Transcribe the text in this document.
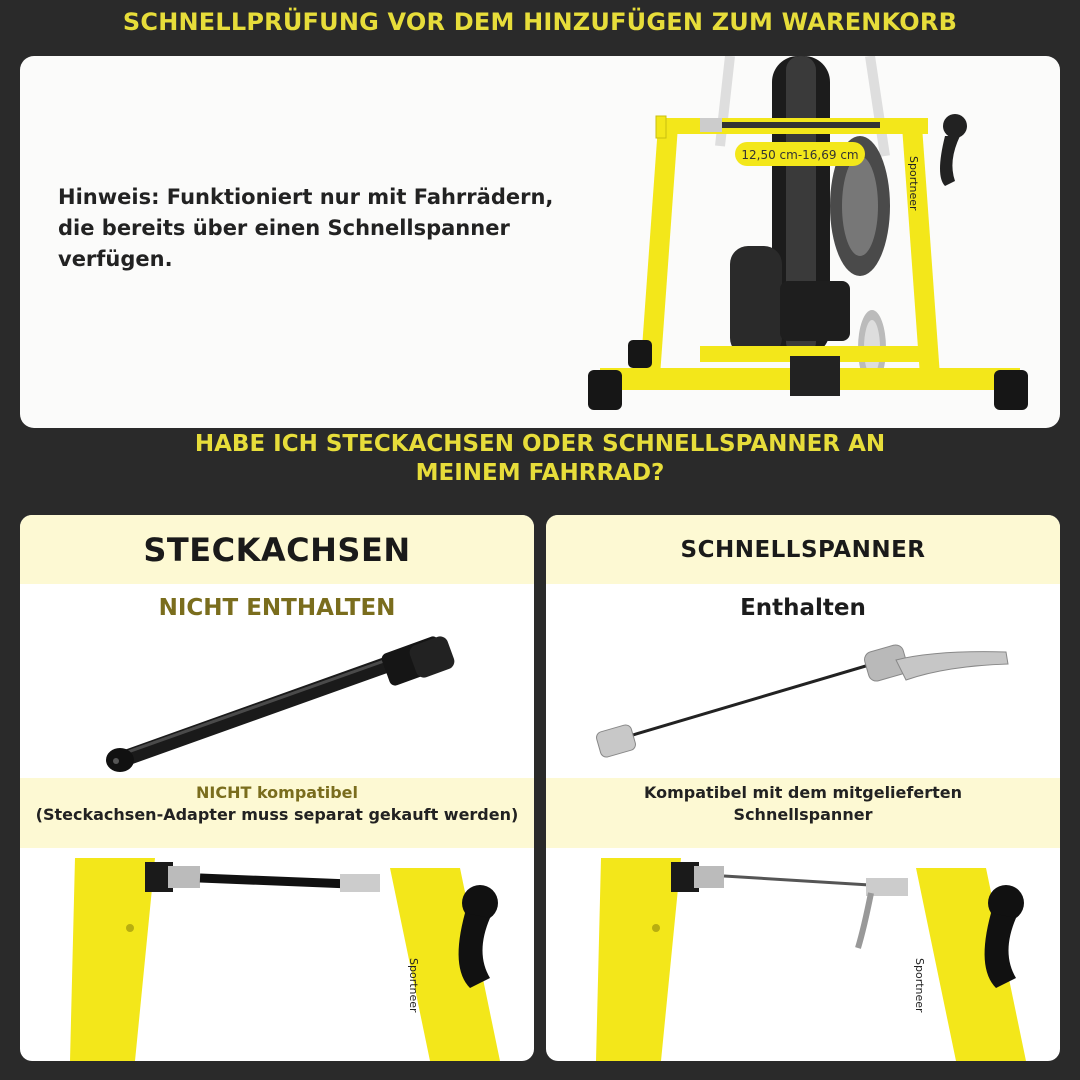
SCHNELLPRÜFUNG VOR DEM HINZUFÜGEN ZUM WARENKORB
Hinweis: Funktioniert nur mit Fahrrädern, die bereits über einen Schnellspanner verfügen.
12,50 cm-16,69 cm
Sportneer
HABE ICH STECKACHSEN ODER SCHNELLSPANNER AN MEINEM FAHRRAD?
STECKACHSEN
NICHT ENTHALTEN
NICHT kompatibel
(Steckachsen-Adapter muss separat gekauft werden)
Sportneer
SCHNELLSPANNER
Enthalten
Kompatibel mit dem mitgelieferten
Schnellspanner
Sportneer
